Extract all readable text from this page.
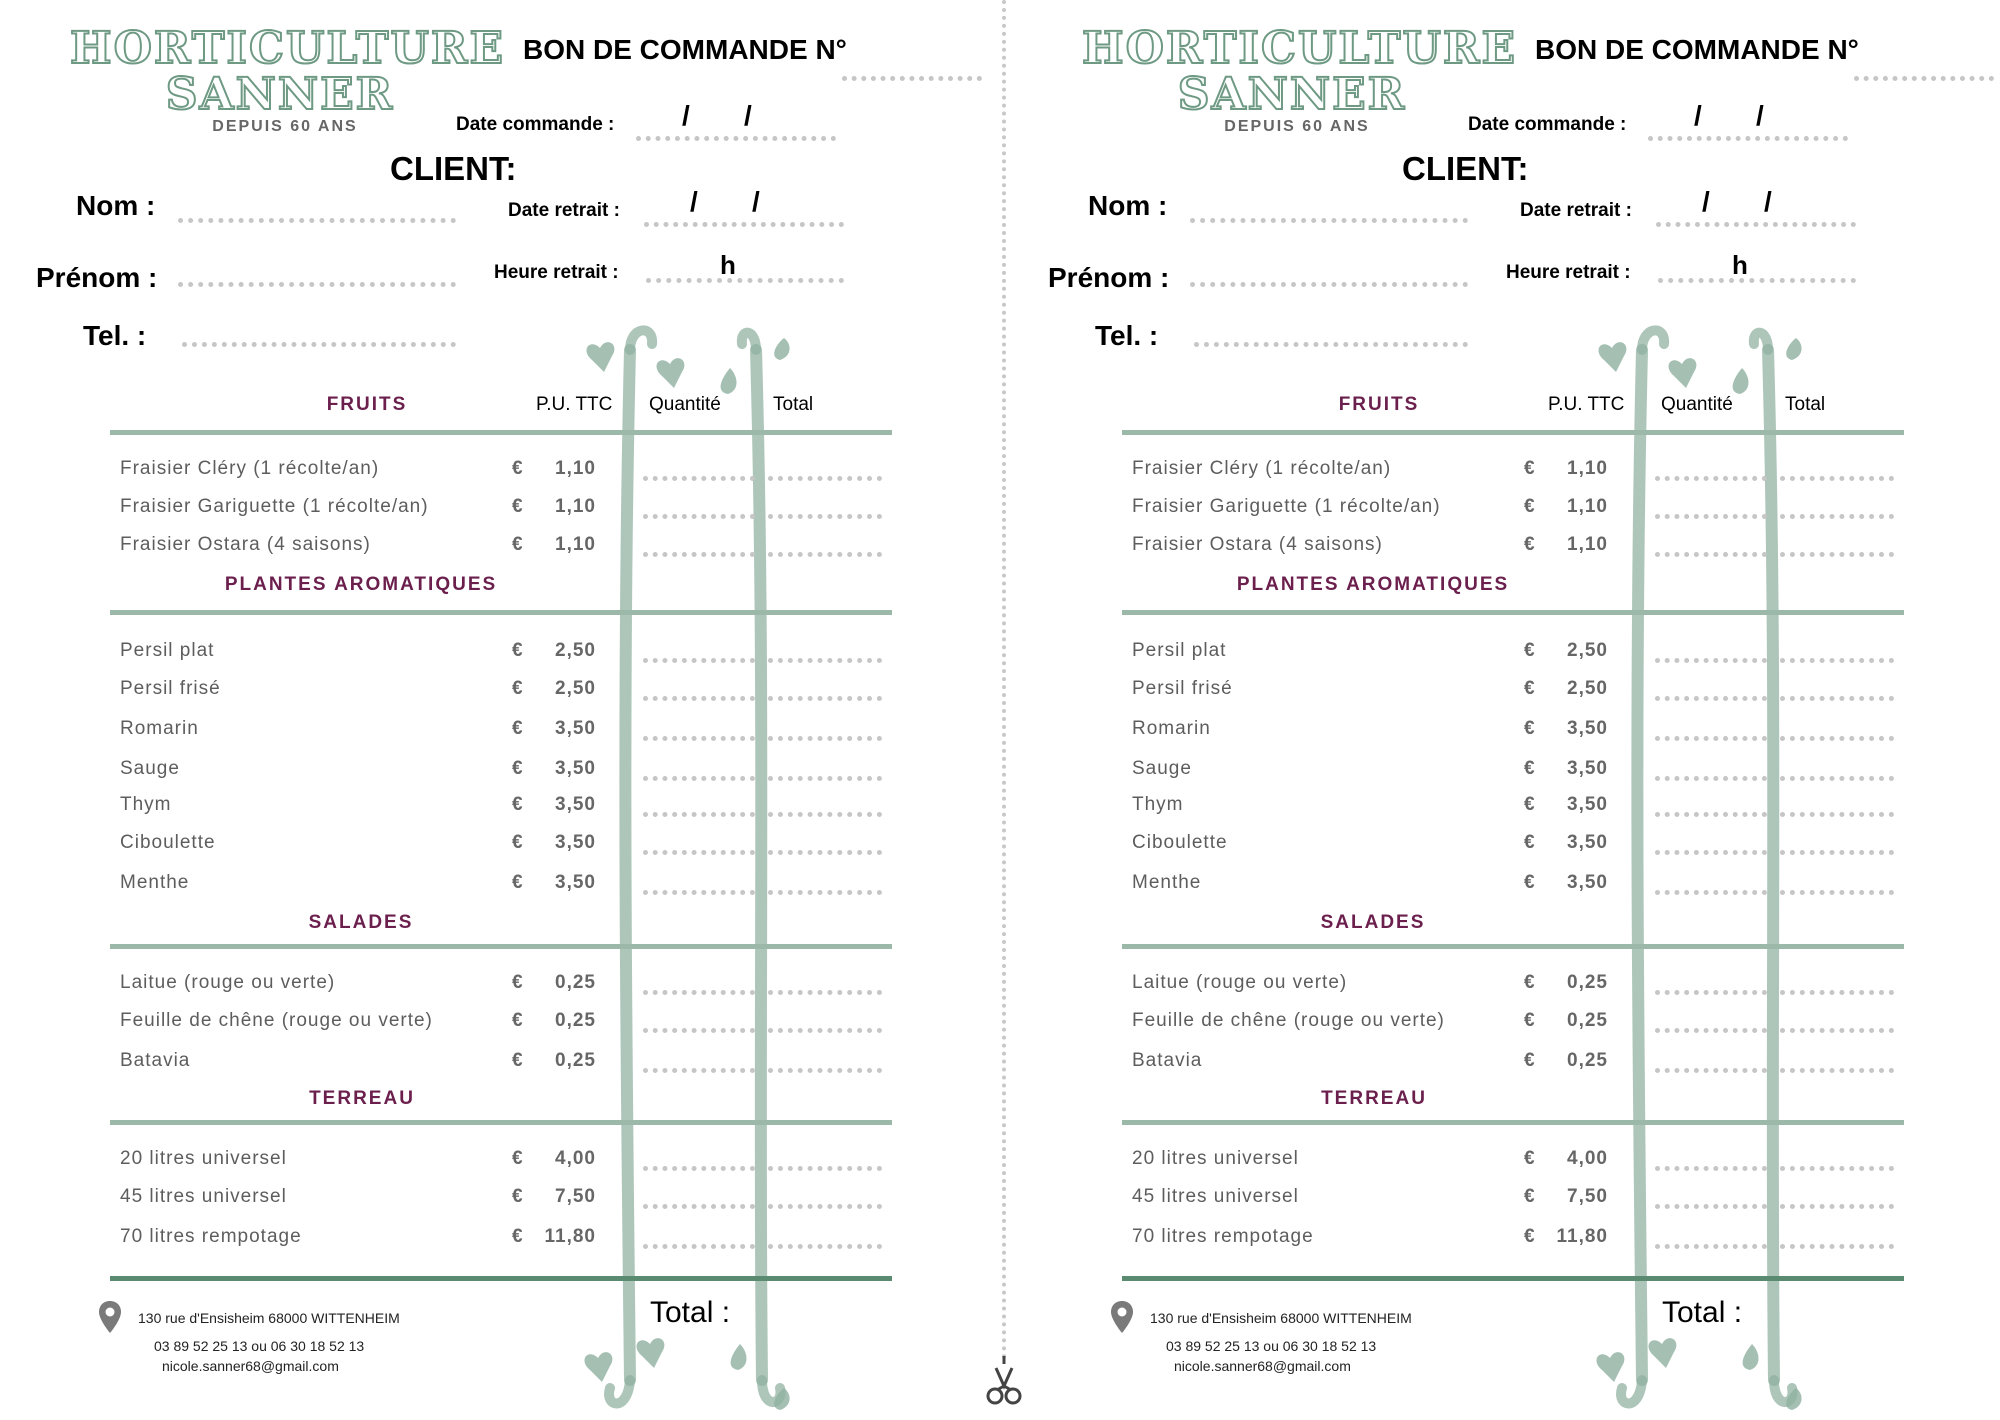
HORTICULTURE
SANNER
DEPUIS 60 ANS
BON DE COMMANDE N°
Date commande : / /
CLIENT:
Nom :	Date retrait :	/ /
Prénom :	Heure retrait :	h
Tel. :
P.U. TTC Quantité	Total
FRUITS
Fraisier Cléry (1 récolte/an)	€	1,10
Fraisier Gariguette (1 récolte/an)	€	1,10
Fraisier Ostara (4 saisons)	€	1,10
PLANTES AROMATIQUES
Persil plat	€	2,50
Persil frisé	€	2,50
Romarin	€	3,50
Sauge	€	3,50
Thym	€	3,50
Ciboulette	€	3,50
Menthe	€	3,50
SALADES
Laitue (rouge ou verte)	€	0,25
Feuille de chêne (rouge ou verte)	€	0,25
Batavia	€	0,25
TERREAU
20 litres universel	€	4,00
45 litres universel	€	7,50
70 litres rempotage	€	11,80
130 rue d'Ensisheim 68000 WITTENHEIM
03 89 52 25 13 ou 06 30 18 52 13
nicole.sanner68@gmail.com
Total :
HORTICULTURE
SANNER
DEPUIS 60 ANS
BON DE COMMANDE N°
Date commande : / /
CLIENT:
Nom :	Date retrait :	/ /
Prénom :	Heure retrait :	h
Tel. :
P.U. TTC Quantité	Total
FRUITS
Fraisier Cléry (1 récolte/an)	€	1,10
Fraisier Gariguette (1 récolte/an)	€	1,10
Fraisier Ostara (4 saisons)	€	1,10
PLANTES AROMATIQUES
Persil plat	€	2,50
Persil frisé	€	2,50
Romarin	€	3,50
Sauge	€	3,50
Thym	€	3,50
Ciboulette	€	3,50
Menthe	€	3,50
SALADES
Laitue (rouge ou verte)	€	0,25
Feuille de chêne (rouge ou verte)	€	0,25
Batavia	€	0,25
TERREAU
20 litres universel	€	4,00
45 litres universel	€	7,50
70 litres rempotage	€	11,80
130 rue d'Ensisheim 68000 WITTENHEIM
03 89 52 25 13 ou 06 30 18 52 13
nicole.sanner68@gmail.com
Total :
